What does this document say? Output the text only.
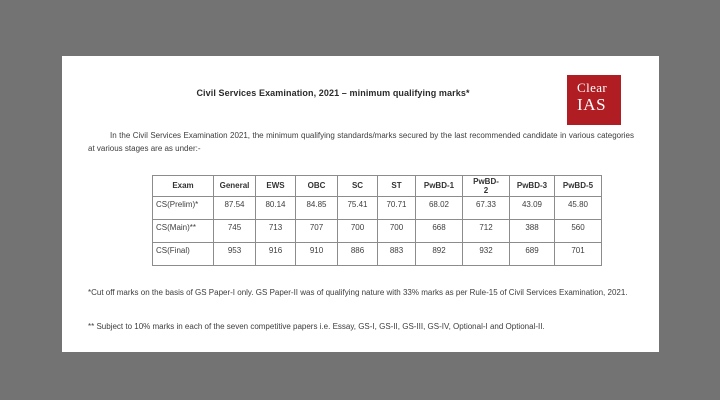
Civil Services Examination, 2021 – minimum qualifying marks*	Clear
IAS

In the Civil Services Examination 2021, the minimum qualifying standards/marks secured by the last recommended candidate in various categories at various stages are as under:-

Exam	General	EWS	OBC	SC	ST	PwBD-1	PwBD-2	PwBD-3	PwBD-5
CS(Prelim)*	87.54	80.14	84.85	75.41	70.71	68.02	67.33	43.09	45.80
CS(Main)**	745	713	707	700	700	668	712	388	560
CS(Final)	953	916	910	886	883	892	932	689	701
*Cut off marks on the basis of GS Paper-I only. GS Paper-II was of qualifying nature with 33% marks as per Rule-15 of Civil Services Examination, 2021.
** Subject to 10% marks in each of the seven competitive papers i.e. Essay, GS-I, GS-II, GS-III, GS-IV, Optional-I and Optional-II.
